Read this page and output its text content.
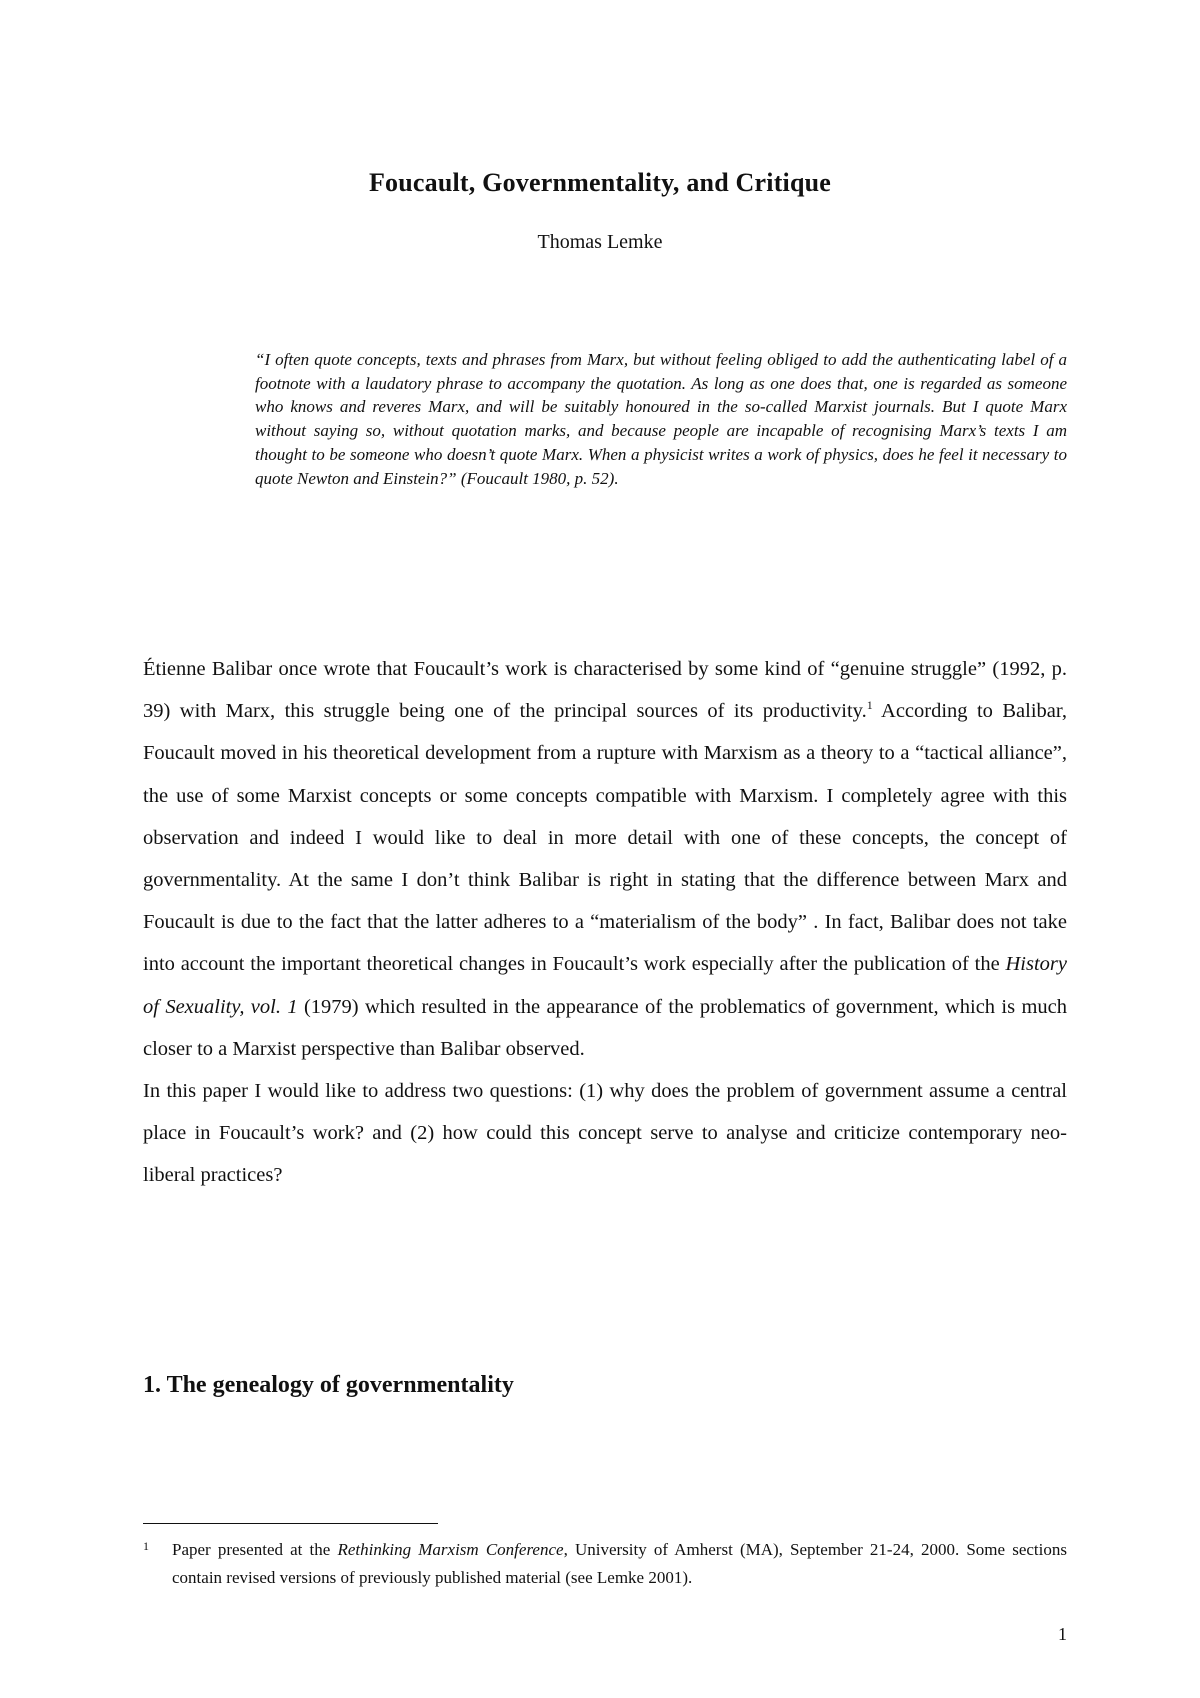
Foucault, Governmentality, and Critique
Thomas Lemke
“I often quote concepts, texts and phrases from Marx, but without feeling obliged to add the authenticating label of a footnote with a laudatory phrase to accompany the quotation. As long as one does that, one is regarded as someone who knows and reveres Marx, and will be suitably honoured in the so-called Marxist journals. But I quote Marx without saying so, without quotation marks, and because people are incapable of recognising Marx’s texts I am thought to be someone who doesn’t quote Marx. When a physicist writes a work of physics, does he feel it necessary to quote Newton and Einstein?” (Foucault 1980, p. 52).

Étienne Balibar once wrote that Foucault’s work is characterised by some kind of “genuine struggle” (1992, p. 39) with Marx, this struggle being one of the principal sources of its productivity.$^1$ According to Balibar, Foucault moved in his theoretical development from a rupture with Marxism as a theory to a “tactical alliance”, the use of some Marxist concepts or some concepts compatible with Marxism. I completely agree with this observation and indeed I would like to deal in more detail with one of these concepts, the concept of governmentality. At the same I don’t think Balibar is right in stating that the difference between Marx and Foucault is due to the fact that the latter adheres to a “materialism of the body” . In fact, Balibar does not take into account the important theoretical changes in Foucault’s work especially after the publication of the History of Sexuality, vol. 1 (1979) which resulted in the appearance of the problematics of government, which is much closer to a Marxist perspective than Balibar observed.

In this paper I would like to address two questions: (1) why does the problem of government assume a central place in Foucault’s work? and (2) how could this concept serve to analyse and criticize contemporary neo-liberal practices?

1. The genealogy of governmentality
1	Paper presented at the Rethinking Marxism Conference, University of Amherst (MA), September 21-24, 2000. Some sections contain revised versions of previously published material (see Lemke 2001).
1
